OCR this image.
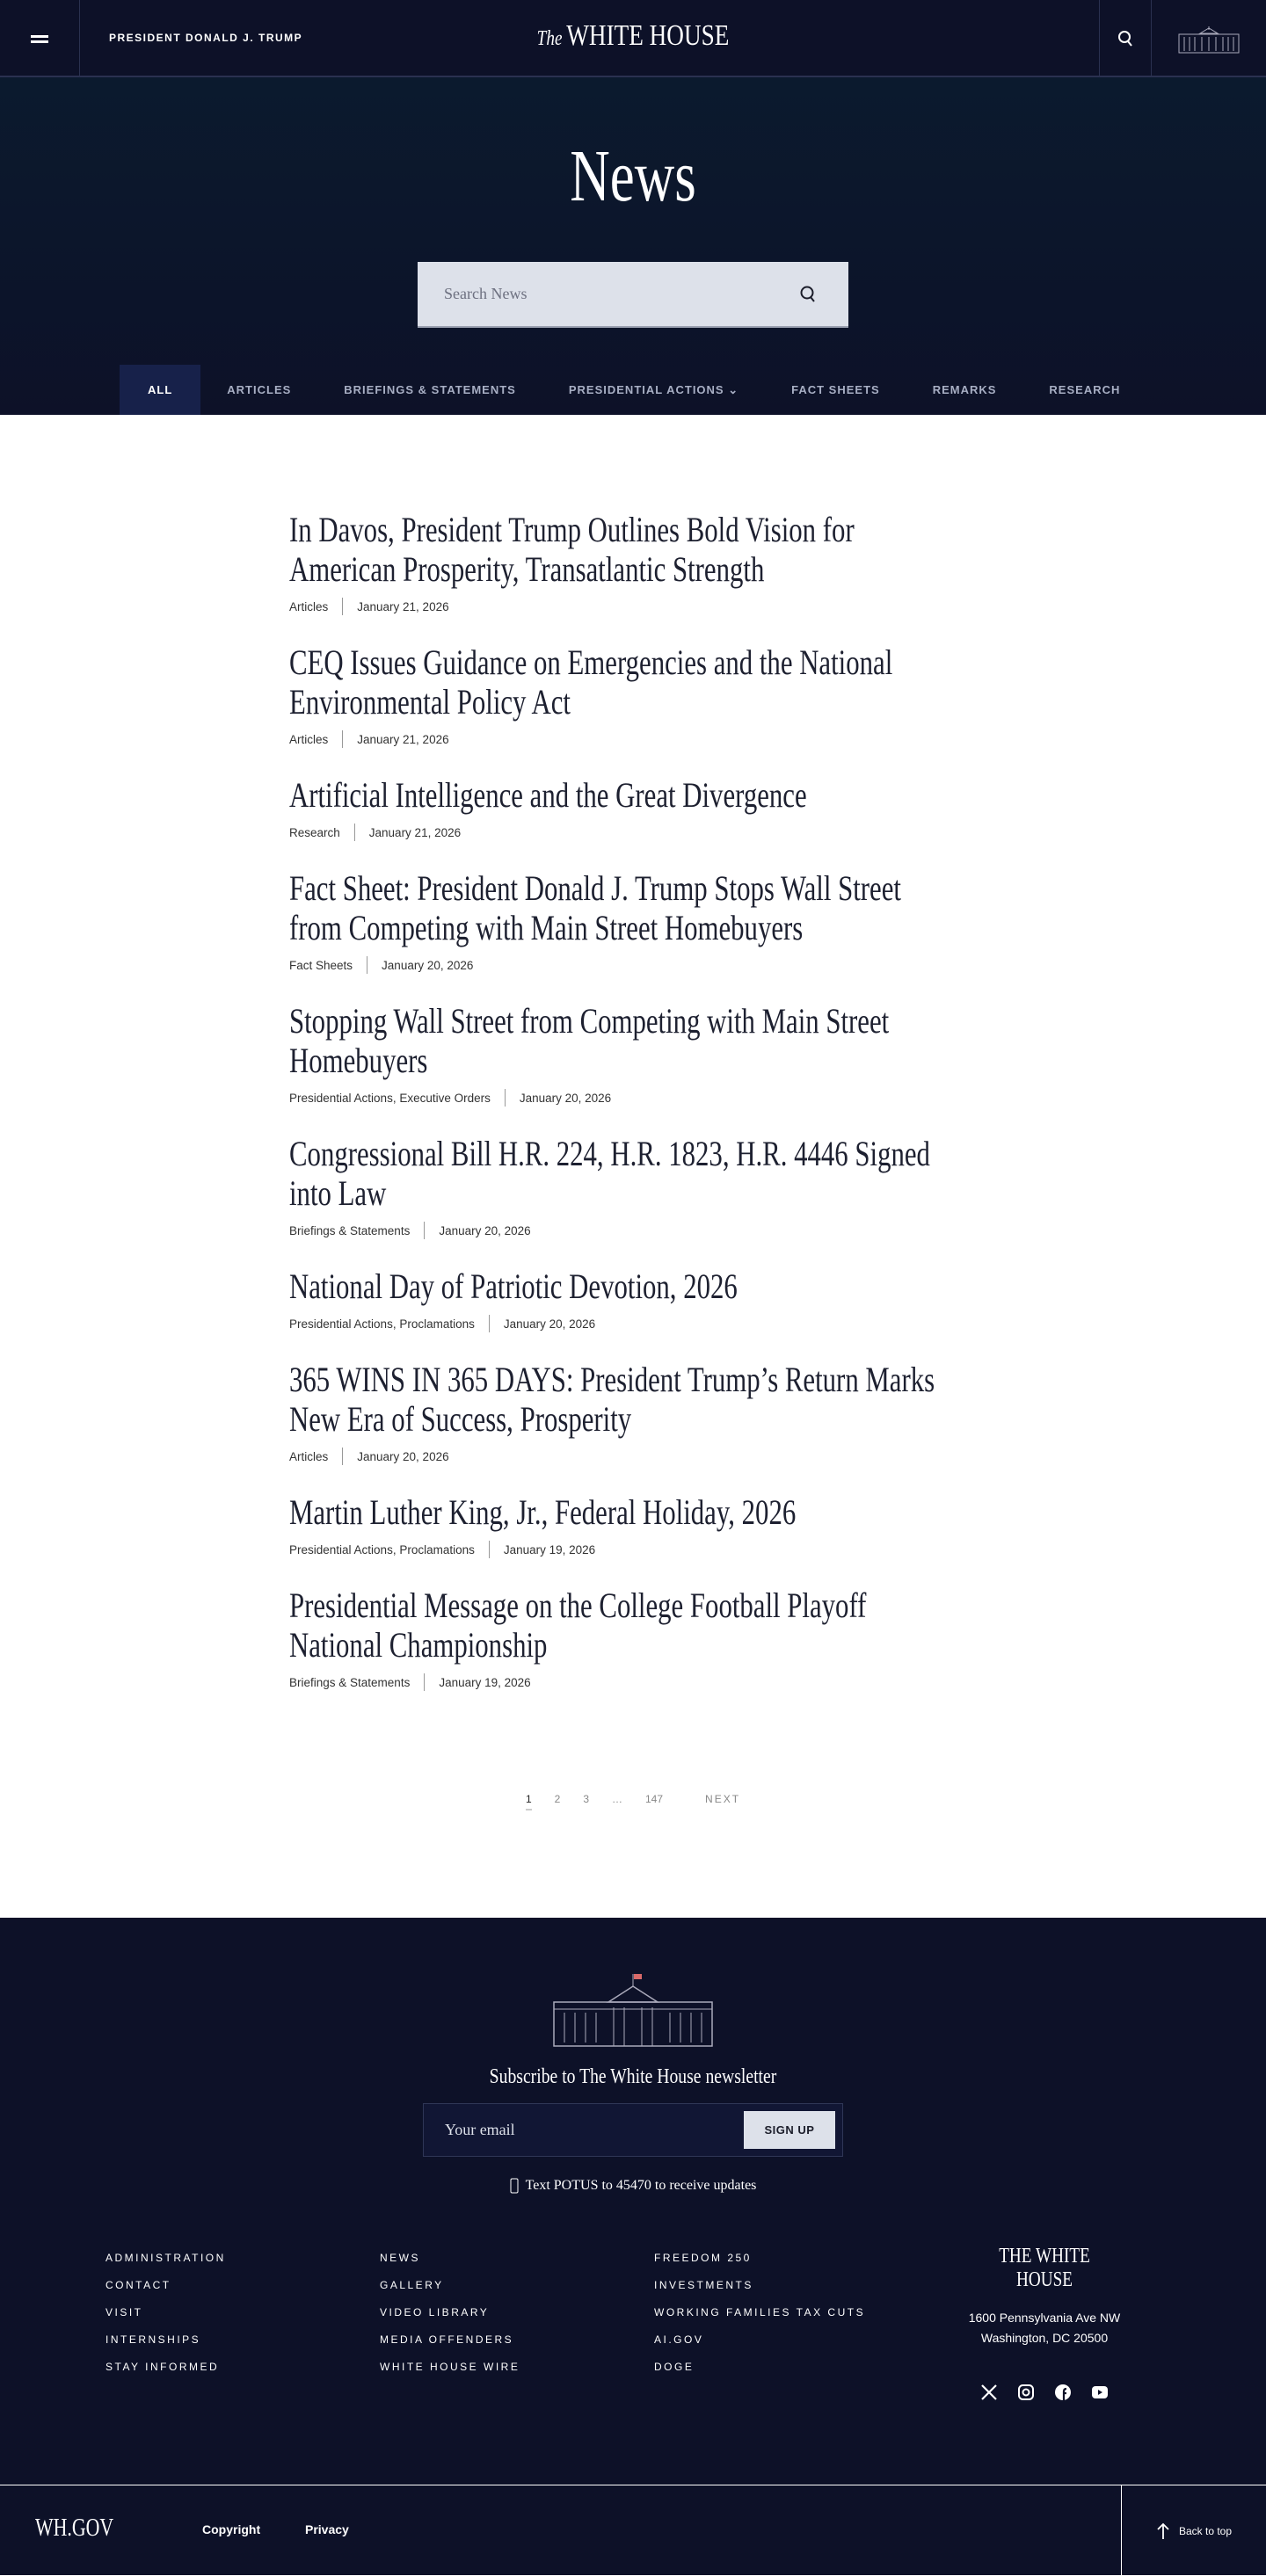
PRESIDENT DONALD J. TRUMP	The WHITE HOUSE
News
Search News
ALL	ARTICLES	BRIEFINGS & STATEMENTS	PRESIDENTIAL ACTIONS ⌄	FACT SHEETS	REMARKS	RESEARCH
In Davos, President Trump Outlines Bold Vision for American Prosperity, Transatlantic Strength
Articles January 21, 2026
CEQ Issues Guidance on Emergencies and the National Environmental Policy Act
Articles January 21, 2026
Artificial Intelligence and the Great Divergence
Research January 21, 2026
Fact Sheet: President Donald J. Trump Stops Wall Street from Competing with Main Street Homebuyers
Fact Sheets January 20, 2026
Stopping Wall Street from Competing with Main Street Homebuyers
Presidential Actions, Executive Orders January 20, 2026
Congressional Bill H.R. 224, H.R. 1823, H.R. 4446 Signed into Law
Briefings & Statements January 20, 2026
National Day of Patriotic Devotion, 2026
Presidential Actions, Proclamations January 20, 2026
365 WINS IN 365 DAYS: President Trump’s Return Marks New Era of Success, Prosperity
Articles January 20, 2026
Martin Luther King, Jr., Federal Holiday, 2026
Presidential Actions, Proclamations January 19, 2026
Presidential Message on the College Football Playoff National Championship
Briefings & Statements January 19, 2026
1 2 3 … 147	NEXT
Subscribe to The White House newsletter
Your email
SIGN UP
Text POTUS to 45470 to receive updates
ADMINISTRATION
CONTACT
VISIT
INTERNSHIPS
STAY INFORMED
NEWS
GALLERY
VIDEO LIBRARY
MEDIA OFFENDERS
WHITE HOUSE WIRE
FREEDOM 250
INVESTMENTS
WORKING FAMILIES TAX CUTS
AI.GOV
DOGE
THE WHITE HOUSE
1600 Pennsylvania Ave NW
Washington, DC 20500
WH.GOV	Copyright	Privacy	Back to top
